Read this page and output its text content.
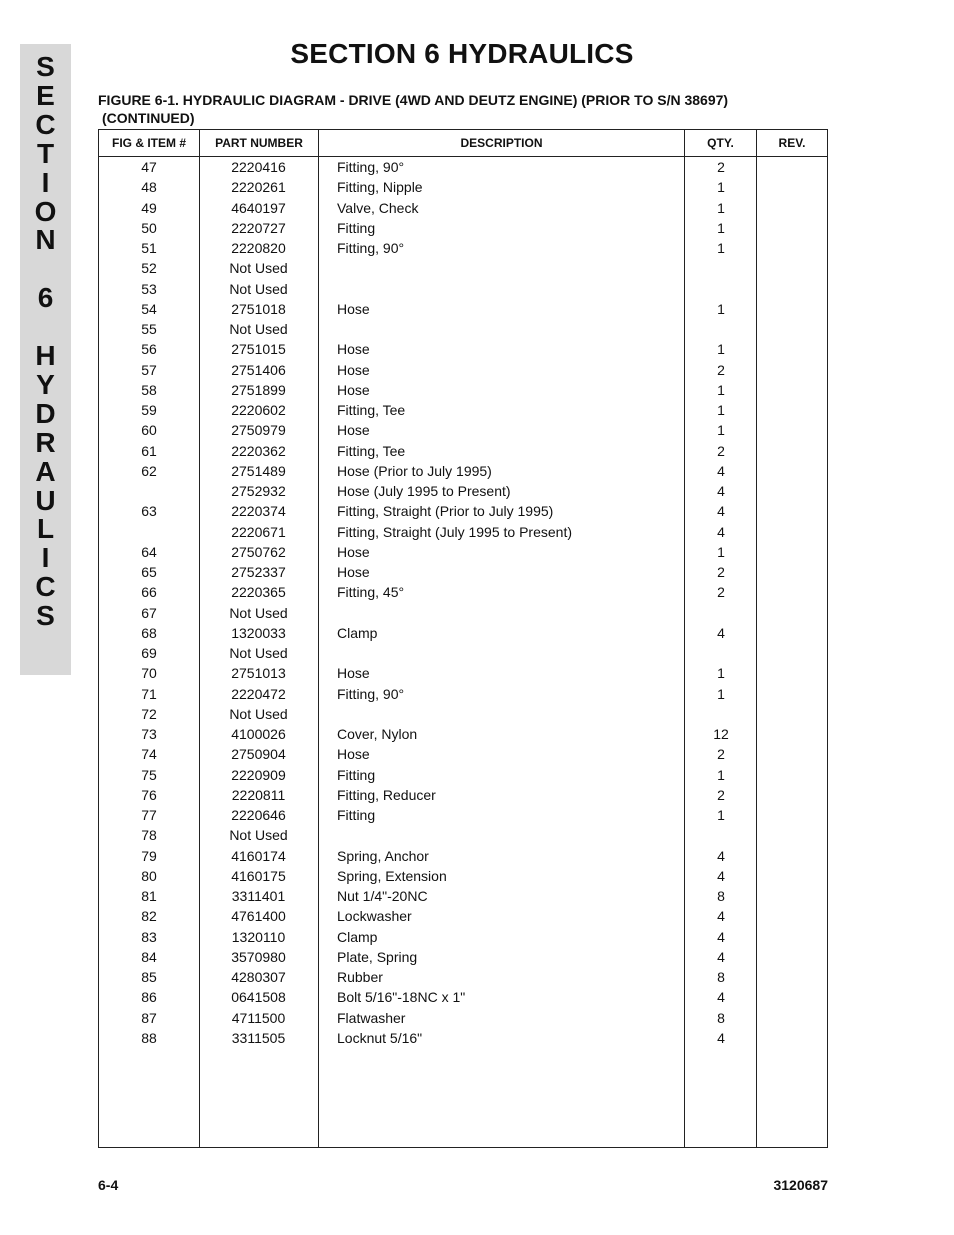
S
E
C
T
I
O
N
6
H
Y
D
R
A
U
L
I
C
S
SECTION 6 HYDRAULICS
FIGURE 6-1. HYDRAULIC DIAGRAM - DRIVE (4WD AND DEUTZ ENGINE) (PRIOR TO S/N 38697)
(CONTINUED)
FIG & ITEM #	PART NUMBER	DESCRIPTION	QTY.	REV.
47	2220416	Fitting, 90°	2
48	2220261	Fitting, Nipple	1
49	4640197	Valve, Check	1
50	2220727	Fitting	1
51	2220820	Fitting, 90°	1
52	Not Used
53	Not Used
54	2751018	Hose	1
55	Not Used
56	2751015	Hose	1
57	2751406	Hose	2
58	2751899	Hose	1
59	2220602	Fitting, Tee	1
60	2750979	Hose	1
61	2220362	Fitting, Tee	2
62	2751489	Hose (Prior to July 1995)	4
2752932	Hose (July 1995 to Present)	4
63	2220374	Fitting, Straight (Prior to July 1995)	4
2220671	Fitting, Straight (July 1995 to Present)	4
64	2750762	Hose	1
65	2752337	Hose	2
66	2220365	Fitting, 45°	2
67	Not Used
68	1320033	Clamp	4
69	Not Used
70	2751013	Hose	1
71	2220472	Fitting, 90°	1
72	Not Used
73	4100026	Cover, Nylon	12
74	2750904	Hose	2
75	2220909	Fitting	1
76	2220811	Fitting, Reducer	2
77	2220646	Fitting	1
78	Not Used
79	4160174	Spring, Anchor	4
80	4160175	Spring, Extension	4
81	3311401	Nut 1/4"-20NC	8
82	4761400	Lockwasher	4
83	1320110	Clamp	4
84	3570980	Plate, Spring	4
85	4280307	Rubber	8
86	0641508	Bolt 5/16"-18NC x 1"	4
87	4711500	Flatwasher	8
88	3311505	Locknut 5/16"	4
6-4	3120687
